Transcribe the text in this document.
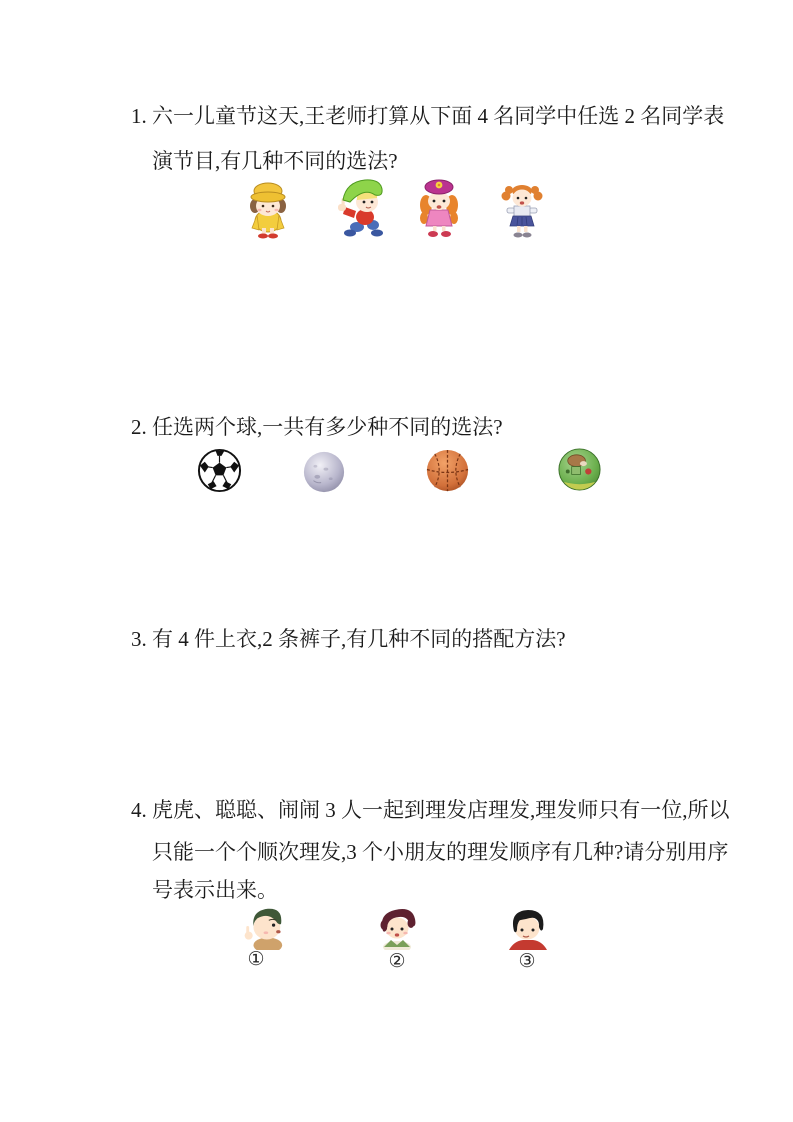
1. 六一儿童节这天,王老师打算从下面 4 名同学中任选 2 名同学表
演节目,有几种不同的选法?
2. 任选两个球,一共有多少种不同的选法?
3. 有 4 件上衣,2 条裤子,有几种不同的搭配方法?
4. 虎虎、聪聪、闹闹 3 人一起到理发店理发,理发师只有一位,所以
只能一个个顺次理发,3 个小朋友的理发顺序有几种?请分别用序
号表示出来。
①	②	③
